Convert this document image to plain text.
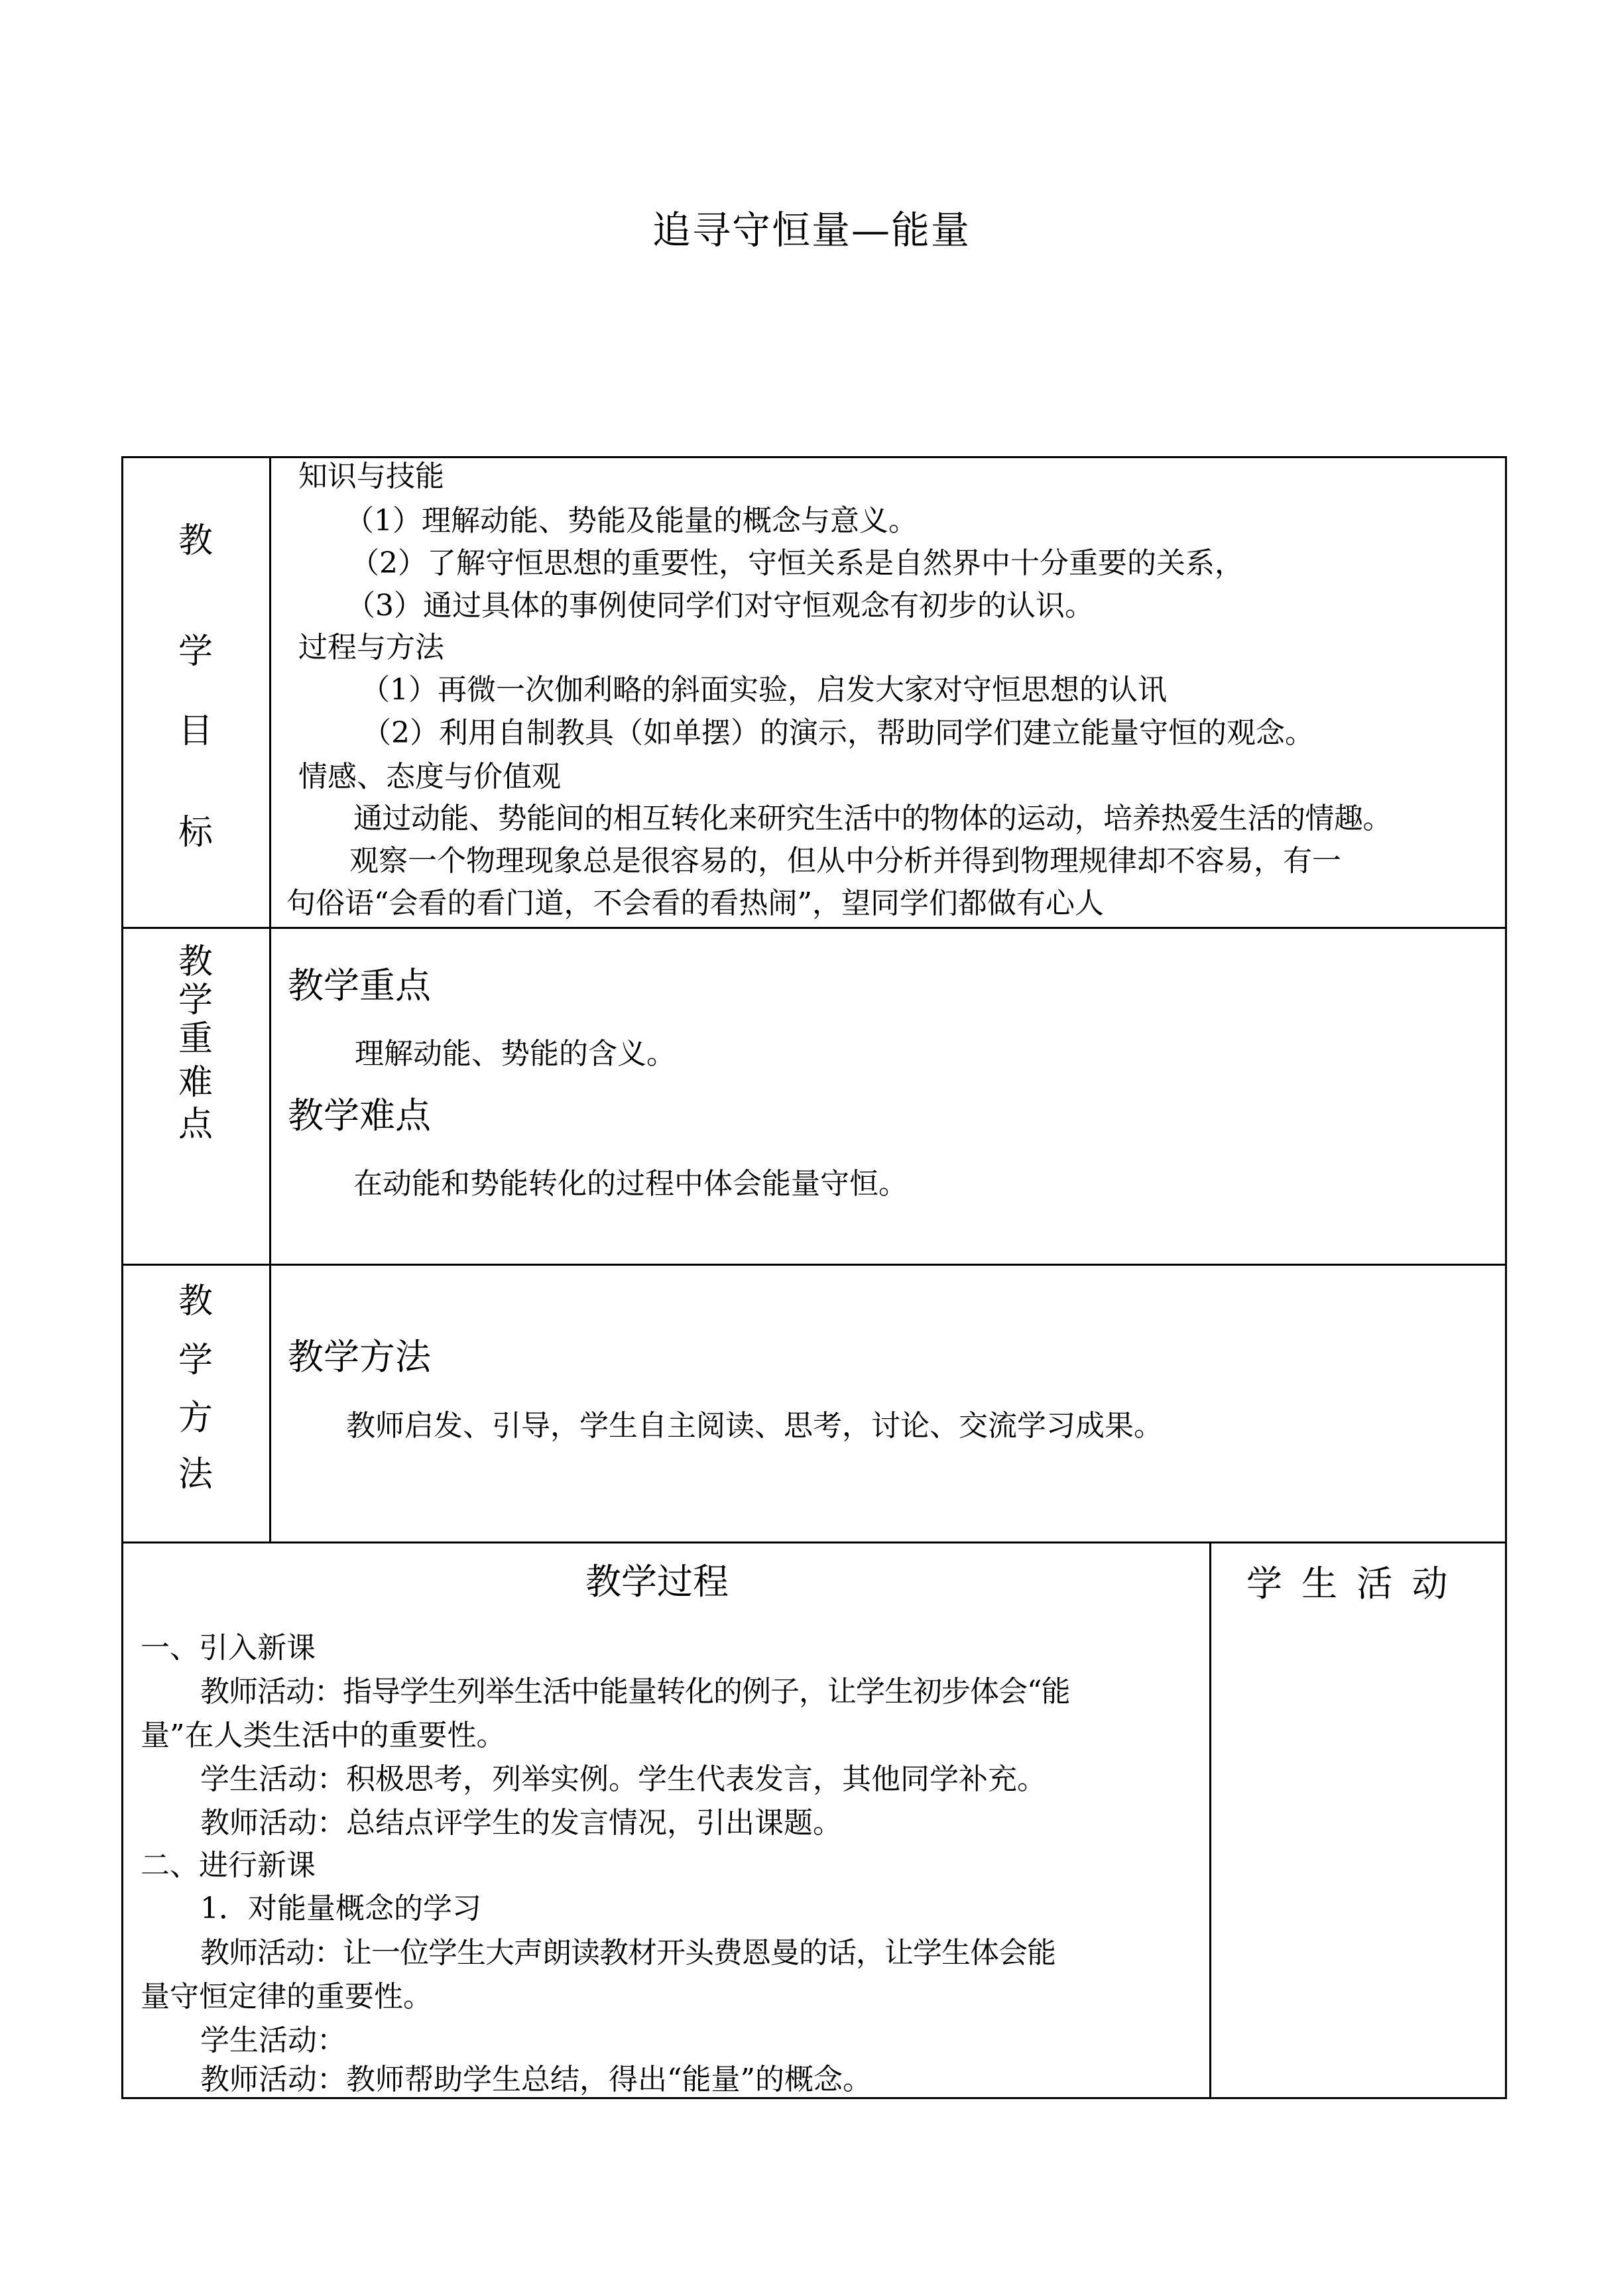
追寻守恒量—能量
教
学
目
标
知识与技能
（1）理解动能、势能及能量的概念与意义。
（2）了解守恒思想的重要性，守恒关系是自然界中十分重要的关系，
（3）通过具体的事例使同学们对守恒观念有初步的认识。
过程与方法
（1）再微一次伽利略的斜面实验，启发大家对守恒思想的认讯
（2）利用自制教具（如单摆）的演示，帮助同学们建立能量守恒的观念。
情感、态度与价值观
通过动能、势能间的相互转化来研究生活中的物体的运动，培养热爱生活的情趣。
观察一个物理现象总是很容易的，但从中分析并得到物理规律却不容易，有一
句俗语“会看的看门道，不会看的看热闹”，望同学们都做有心人
教
学
重
难
点
教学重点
理解动能、势能的含义。
教学难点
在动能和势能转化的过程中体会能量守恒。
教
学
方
法
教学方法
教师启发、引导，学生自主阅读、思考，讨论、交流学习成果。
教学过程	学 生 活 动
一、引入新课
教师活动：指导学生列举生活中能量转化的例子，让学生初步体会“能
量”在人类生活中的重要性。
学生活动：积极思考，列举实例。学生代表发言，其他同学补充。
教师活动：总结点评学生的发言情况，引出课题。
二、进行新课
1．对能量概念的学习
教师活动：让一位学生大声朗读教材开头费恩曼的话，让学生体会能
量守恒定律的重要性。
学生活动：
教师活动：教师帮助学生总结，得出“能量”的概念。
